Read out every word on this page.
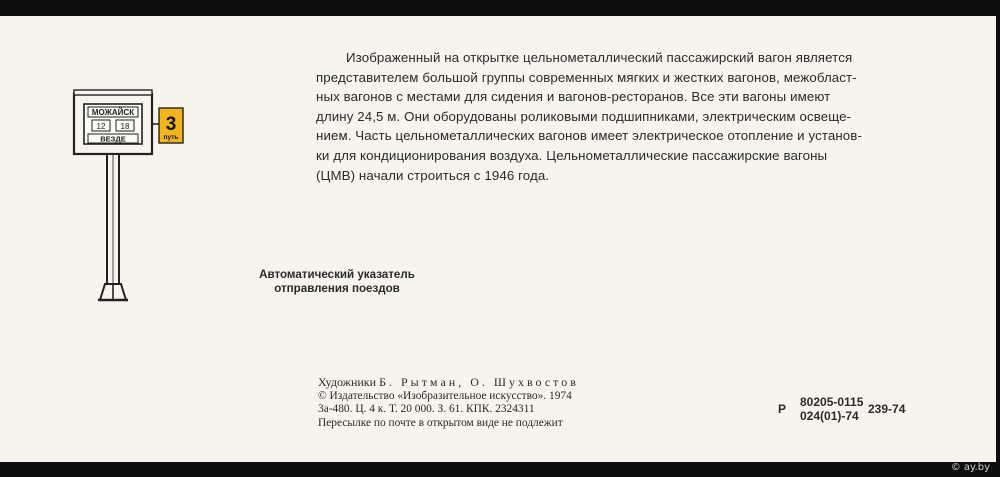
МОЖАЙСК
12 18
ВЕЗДЕ
3
путь

Изображенный на открытке цельнометаллический пассажирский вагон является

представителем большой группы современных мягких и жестких вагонов, межобласт-

ных вагонов с местами для сидения и вагонов-ресторанов. Все эти вагоны имеют

длину 24,5 м. Они оборудованы роликовыми подшипниками, электрическим освеще-

нием. Часть цельнометаллических вагонов имеет электрическое отопление и установ-

ки для кондиционирования воздуха. Цельнометаллические пассажирские вагоны

(ЦМВ) начали строиться с 1946 года.

Автоматический указатель
отправления поездов
Художники Б. Рытман, О. Шухвостов
© Издательство «Изобразительное искусство». 1974
3а-480. Ц. 4 к. Т. 20 000. З. 61. КПК. 2324311
Пересылке по почте в открытом виде не подлежит
Р 80205-0115
024(01)-74 239-74
© ay.by
